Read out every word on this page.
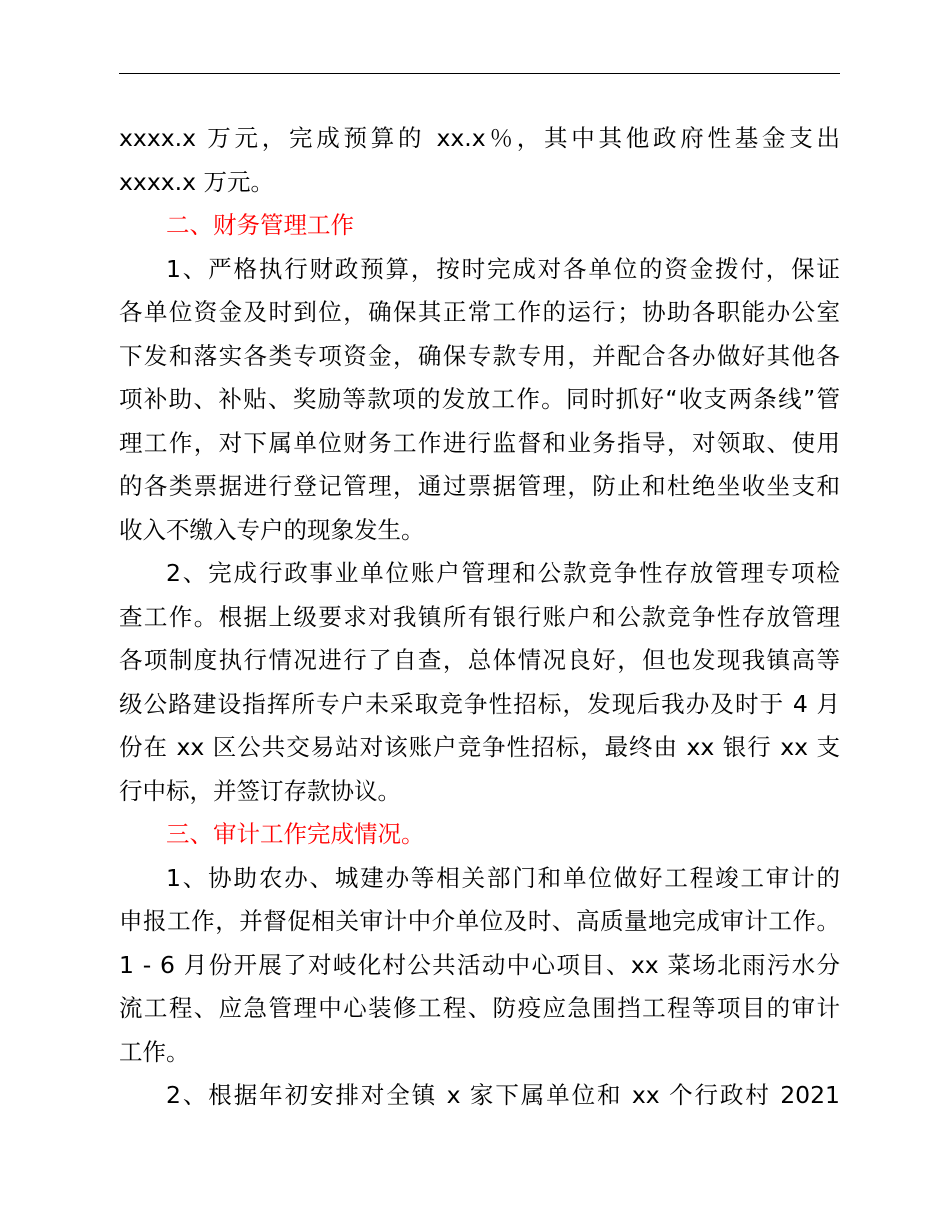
xxxx.x 万元，完成预算的 xx.x％，其中其他政府性基金支出
xxxx.x 万元。
二、财务管理工作
1、严格执行财政预算，按时完成对各单位的资金拨付，保证
各单位资金及时到位，确保其正常工作的运行；协助各职能办公室
下发和落实各类专项资金，确保专款专用，并配合各办做好其他各
项补助、补贴、奖励等款项的发放工作。同时抓好“收支两条线”管
理工作，对下属单位财务工作进行监督和业务指导，对领取、使用
的各类票据进行登记管理，通过票据管理，防止和杜绝坐收坐支和
收入不缴入专户的现象发生。
2、完成行政事业单位账户管理和公款竞争性存放管理专项检
查工作。根据上级要求对我镇所有银行账户和公款竞争性存放管理
各项制度执行情况进行了自查，总体情况良好，但也发现我镇高等
级公路建设指挥所专户未采取竞争性招标，发现后我办及时于 4 月
份在 xx 区公共交易站对该账户竞争性招标，最终由 xx 银行 xx 支
行中标，并签订存款协议。
三、审计工作完成情况。
1、协助农办、城建办等相关部门和单位做好工程竣工审计的
申报工作，并督促相关审计中介单位及时、高质量地完成审计工作。
1 - 6 月份开展了对岐化村公共活动中心项目、xx 菜场北雨污水分
流工程、应急管理中心装修工程、防疫应急围挡工程等项目的审计
工作。
2、根据年初安排对全镇 x 家下属单位和 xx 个行政村 2021
